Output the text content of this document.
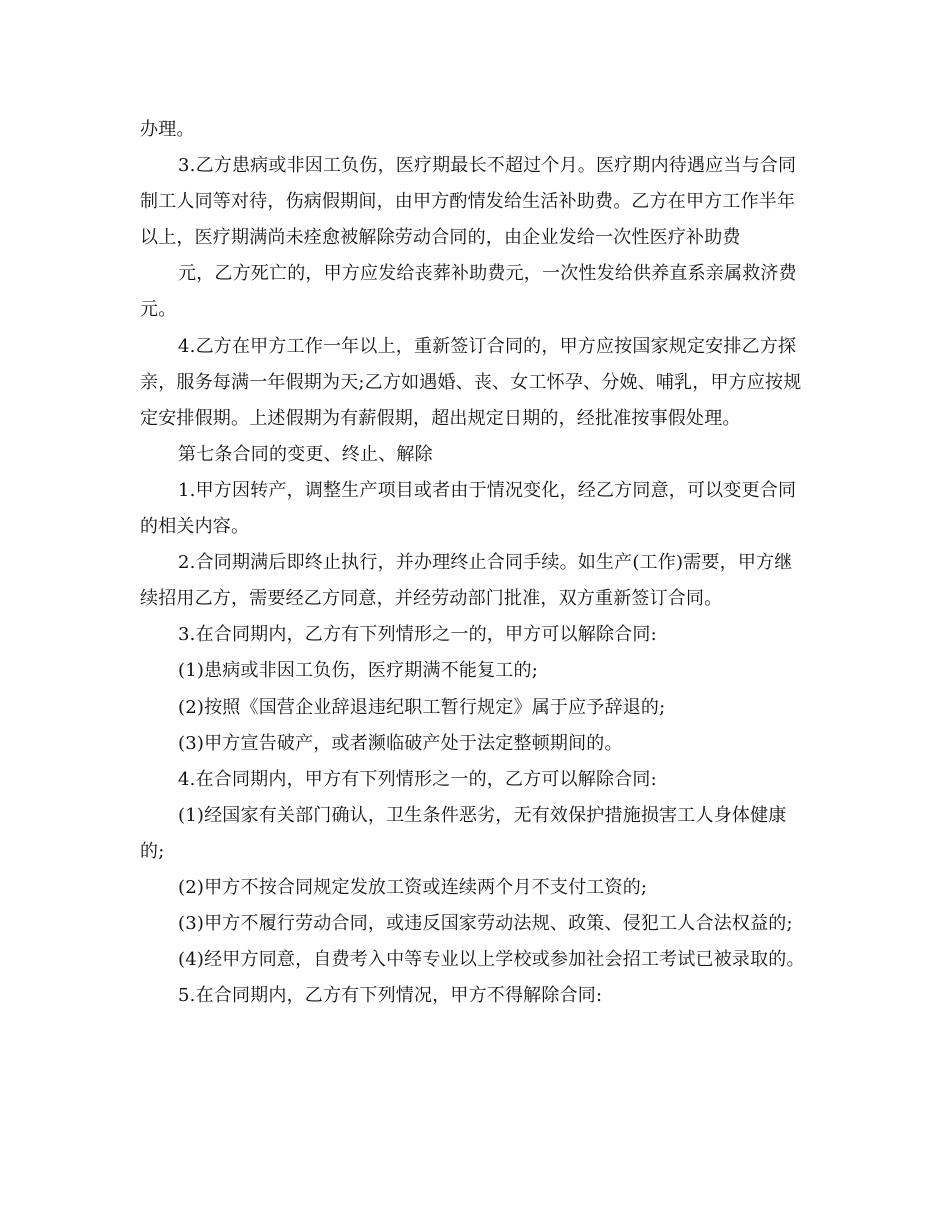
办理。

3.乙方患病或非因工负伤，医疗期最长不超过个月。医疗期内待遇应当与合同制工人同等对待，伤病假期间，由甲方酌情发给生活补助费。乙方在甲方工作半年以上，医疗期满尚未痊愈被解除劳动合同的，由企业发给一次性医疗补助费

元，乙方死亡的，甲方应发给丧葬补助费元，一次性发给供养直系亲属救济费元。

4.乙方在甲方工作一年以上，重新签订合同的，甲方应按国家规定安排乙方探亲，服务每满一年假期为天;乙方如遇婚、丧、女工怀孕、分娩、哺乳，甲方应按规定安排假期。上述假期为有薪假期，超出规定日期的，经批准按事假处理。

第七条合同的变更、终止、解除

1.甲方因转产，调整生产项目或者由于情况变化，经乙方同意，可以变更合同的相关内容。

2.合同期满后即终止执行，并办理终止合同手续。如生产(工作)需要，甲方继续招用乙方，需要经乙方同意，并经劳动部门批准，双方重新签订合同。

3.在合同期内，乙方有下列情形之一的，甲方可以解除合同:

(1)患病或非因工负伤，医疗期满不能复工的;

(2)按照《国营企业辞退违纪职工暂行规定》属于应予辞退的;

(3)甲方宣告破产，或者濒临破产处于法定整顿期间的。

4.在合同期内，甲方有下列情形之一的，乙方可以解除合同:

(1)经国家有关部门确认，卫生条件恶劣，无有效保护措施损害工人身体健康的;

(2)甲方不按合同规定发放工资或连续两个月不支付工资的;

(3)甲方不履行劳动合同，或违反国家劳动法规、政策、侵犯工人合法权益的;

(4)经甲方同意，自费考入中等专业以上学校或参加社会招工考试已被录取的。

5.在合同期内，乙方有下列情况，甲方不得解除合同:
